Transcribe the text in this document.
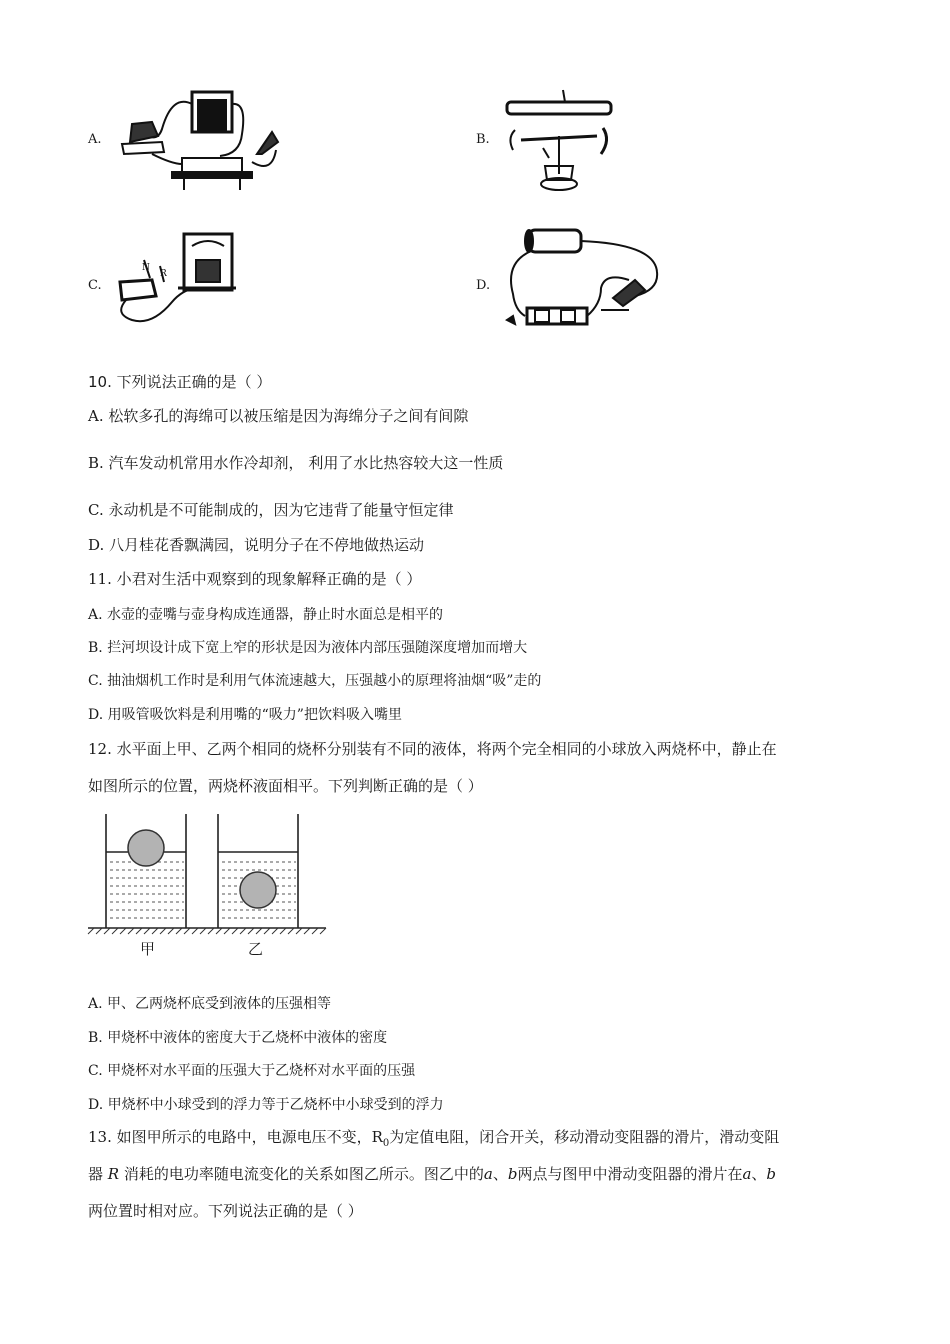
A.	B.
C.
N
R
D.
10. 下列说法正确的是（ ）
A. 松软多孔的海绵可以被压缩是因为海绵分子之间有间隙
B. 汽车发动机常用水作冷却剂， 利用了水比热容较大这一性质
C. 永动机是不可能制成的，因为它违背了能量守恒定律
D. 八月桂花香飘满园，说明分子在不停地做热运动
11. 小君对生活中观察到的现象解释正确的是（ ）
A. 水壶的壶嘴与壶身构成连通器，静止时水面总是相平的
B. 拦河坝设计成下宽上窄的形状是因为液体内部压强随深度增加而增大
C. 抽油烟机工作时是利用气体流速越大，压强越小的原理将油烟“吸”走的
D. 用吸管吸饮料是利用嘴的“吸力”把饮料吸入嘴里
12. 水平面上甲、乙两个相同的烧杯分别装有不同的液体，将两个完全相同的小球放入两烧杯中，静止在
如图所示的位置，两烧杯液面相平。下列判断正确的是（ ）
甲	乙
A. 甲、乙两烧杯底受到液体的压强相等
B. 甲烧杯中液体的密度大于乙烧杯中液体的密度
C. 甲烧杯对水平面的压强大于乙烧杯对水平面的压强
D. 甲烧杯中小球受到的浮力等于乙烧杯中小球受到的浮力
13. 如图甲所示的电路中，电源电压不变，$R_0$为定值电阻，闭合开关，移动滑动变阻器的滑片，滑动变阻
器 R 消耗的电功率随电流变化的关系如图乙所示。图乙中的a、b两点与图甲中滑动变阻器的滑片在a、b
两位置时相对应。下列说法正确的是（ ）
